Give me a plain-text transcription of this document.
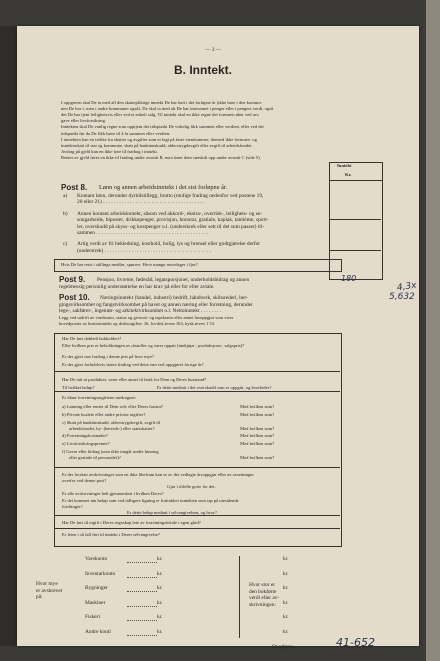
— 3 —
B. Inntekt.
I oppgaven skal De ta med all den skattepliktige inntekt De har hatt i det forløpne år (ikke bare i den kommu-
nen De bor i, men i andre kommuner også). De skal ta med alt De har innvunnet i penger eller i pengers verdi, også
det De har tjent leilighetsvis eller ved et enkelt salg. Til inntekt skal en ikke regne det formuen øker ved arv,
gave eller livsforsikring.
Inntekten skal De vanlig regne som opptjent det tidspunkt De virkelig fikk summen eller verdien, eller ved det
tidspunkt før da De fikk høve til å fa summen eller verdien.
I inntekten kan en trekke fra skatter og avgifter som er lagt på faste eiendommer, dermed ikke formues- og
inntektsskatt til stat og kommune, skatt på bankinnskudd, alderstrygdavgift eller avgift til arbeidsfondet.
Avdrag på gjeld kan en ikke føre til fradrag i inntekt.
Renter av gjeld føres en ikke til fradrag under avsnitt B, men fører dem særskilt opp under avsnitt C (side 5).
Inntekt
Kr.
Post 8. Lønn og annen arbeidsinntekt i det sist forløpne år.
a) Kontant lønn, derunder dyrtidstillegg, brutto (mulige fradrag nedenfor ved postene 19,
20 eller 21) . . . . . . . . . . . . . . . . . . . . . . . . . . . . . . . . . . . . . .
b) Annen kontant arbeidsinntekt, såsom ved akkord-, ekstra-, overtids-, leilighets- og se-
songarbeide, biposter, drikkepenger, provisjon, honorar, gratiale, kaplak, tantième, sport-
ler, overskudd på skyss- og kostpenger o.l. (underskrek eller sett til det som passer) til-
sammen . . . . . . . . . . . . . . . . . . . . . . . . . . . . . . . . . . . . . . . . . .
c) Artig verdi av fri bekledning, kosthold, bolig, lys og brensel eller godtgjørelse derfor
(understrek) . . . . . . . . . . . . . . . . . . . . . . . . . . . . . . . . . . . . . . . .
Hvis De har reist i stillings medfør, spørres: Hvor mange reisedager i fjor?
Post 9. Pensjon, livrente, føderåd, legatsporsjoner, underholdsbidrag og annen
regelmessig personlig understøttelse en har krav på eller for eller avtale.
Post 10. Næringsinntekt (handel, industri) bedrift, håndverk, skibsrederi, ber-
gingsvirksomhet og fangstvirksomhet på havet og annen næring eller forretning, derunder
lege-, sakfører-, ingeniør- og arkitektvirksomhet o.l. Nettoinntekt . . . . . . . .
Legg ved utdrift av varekonto, status og gevinst- og tapskonto eller annet årsoppgjør som viser
hovedposter av bruttoinntekt og driftsutgifter. Jfr. lovdok.teven 163, bysk.teven 1 53.
Har De ført dobbelt bokholderi?
Eller hvilken pris er beholdningen av råstoffer og varer oppatt (innkjøps-, produksjons-, salgspris)?
Er der gjort noe fradrag i denne pris på hvor mye?
Er der gjort forholdsvis større fradrag ved dette enn ved oppgjøret forrige år?
Har De tatt ut produkter, varer eller annet til bruk for Dem og Deres husstand?
Til hvilket beløp?	Er dette medtatt i det overskudd som er oppgitt, og hvorledes?
Er blant forretningsutgiftene medregnet:
a) Lønning eller renter til Dem selv eller Deres hustru?	Med hvilken sum?
b) Private husleie eller andre private utgifter?	Med hvilken sum?
c) Skatt på bankinnskudd, alderstrygdavgift, avgift til
arbeidsfondet, by- (herreds-) eller statsskatter?	Med hvilken sum?
d) Forretningskostnader?	Med hvilken sum?
e) Livsforsikringspremie?	Med hvilken sum?
f) Gaver eller bidrag (som ikke inngår under lønning
eller gratiale til personalet)?	Med hvilken sum?
Er der foretatt avskrivninger som en ikke likefram kan se av det vedlagte årsoppgjør eller av avsetninger
overfor ved denne post?
Gjør i tilfelle greie for det.
Er alle avskrivninger helt gjennomført i hvilken Deres?
Er det kommet inn beløp som ved tidligere ligning er frafrakket inntekten som tap på utestående
fordringer?
Er dette beløp medtatt i selvangivelsen, og hvor?
Har De ført til utgift i Deres regnskap leie av forretningslokale i egen gård?
Er leien i så fall ført til inntekt i Deres selvangivelse?
Varekonto	kr.	kr.
Inventarkonto	kr.	kr.
Bygninger	kr.	kr.
Maskiner	kr.	kr.
Fiskeri	kr.	kr.
Andre konti	kr.	kr.
Hvor mye
er avskrevet
på:
Hvor stor er
den bokførte
verdi eller av-
skrivningen:
Overføres	41-652
4,3x
5,632
180
